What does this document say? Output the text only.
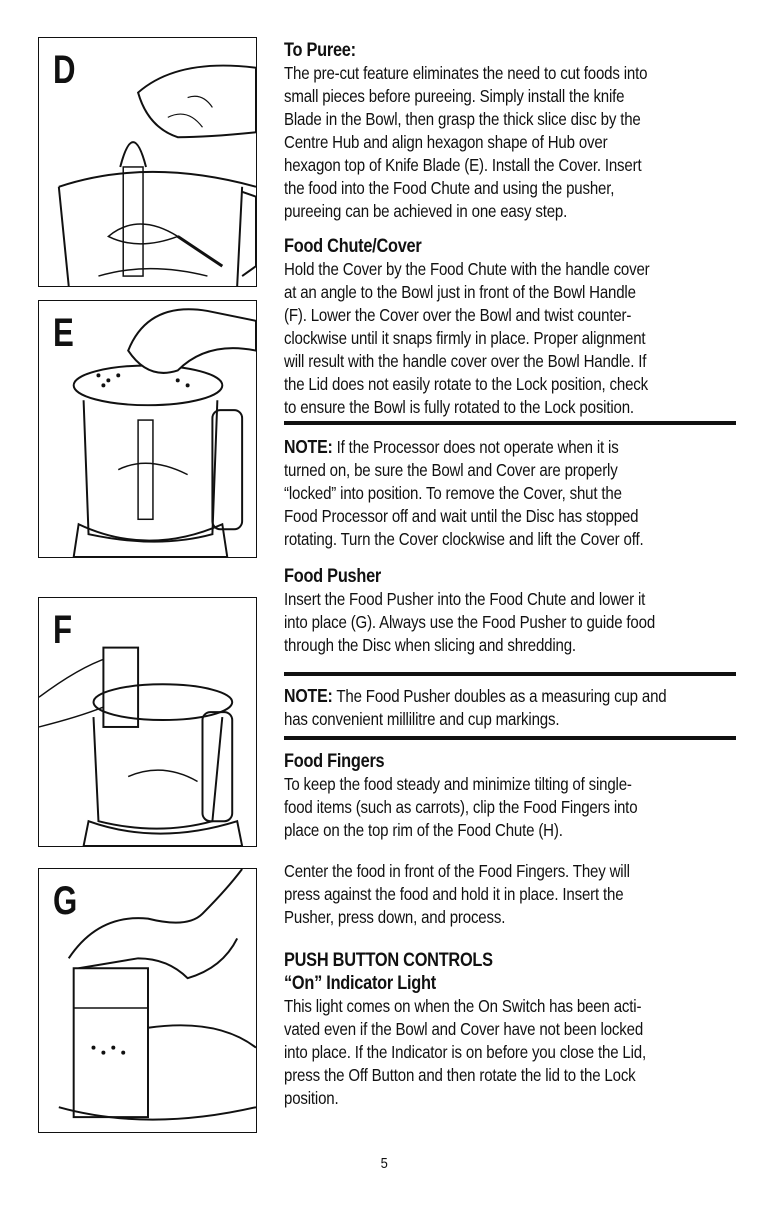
D
E
F
G
To Puree:
The pre-cut feature eliminates the need to cut foods into
small pieces before pureeing. Simply install the knife
Blade in the Bowl, then grasp the thick slice disc by the
Centre Hub and align hexagon shape of Hub over
hexagon top of Knife Blade (E). Install the Cover. Insert
the food into the Food Chute and using the pusher,
pureeing can be achieved in one easy step.
Food Chute/Cover
Hold the Cover by the Food Chute with the handle cover
at an angle to the Bowl just in front of the Bowl Handle
(F). Lower the Cover over the Bowl and twist counter-
clockwise until it snaps firmly in place. Proper alignment
will result with the handle cover over the Bowl Handle. If
the Lid does not easily rotate to the Lock position, check
to ensure the Bowl is fully rotated to the Lock position.
NOTE: If the Processor does not operate when it is
turned on, be sure the Bowl and Cover are properly
“locked” into position. To remove the Cover, shut the
Food Processor off and wait until the Disc has stopped
rotating. Turn the Cover clockwise and lift the Cover off.
Food Pusher
Insert the Food Pusher into the Food Chute and lower it
into place (G). Always use the Food Pusher to guide food
through the Disc when slicing and shredding.
NOTE: The Food Pusher doubles as a measuring cup and
has convenient millilitre and cup markings.
Food Fingers
To keep the food steady and minimize tilting of single-
food items (such as carrots), clip the Food Fingers into
place on the top rim of the Food Chute (H).
Center the food in front of the Food Fingers. They will
press against the food and hold it in place. Insert the
Pusher, press down, and process.
PUSH BUTTON CONTROLS
“On” Indicator Light
This light comes on when the On Switch has been acti-
vated even if the Bowl and Cover have not been locked
into place. If the Indicator is on before you close the Lid,
press the Off Button and then rotate the lid to the Lock
position.
5
